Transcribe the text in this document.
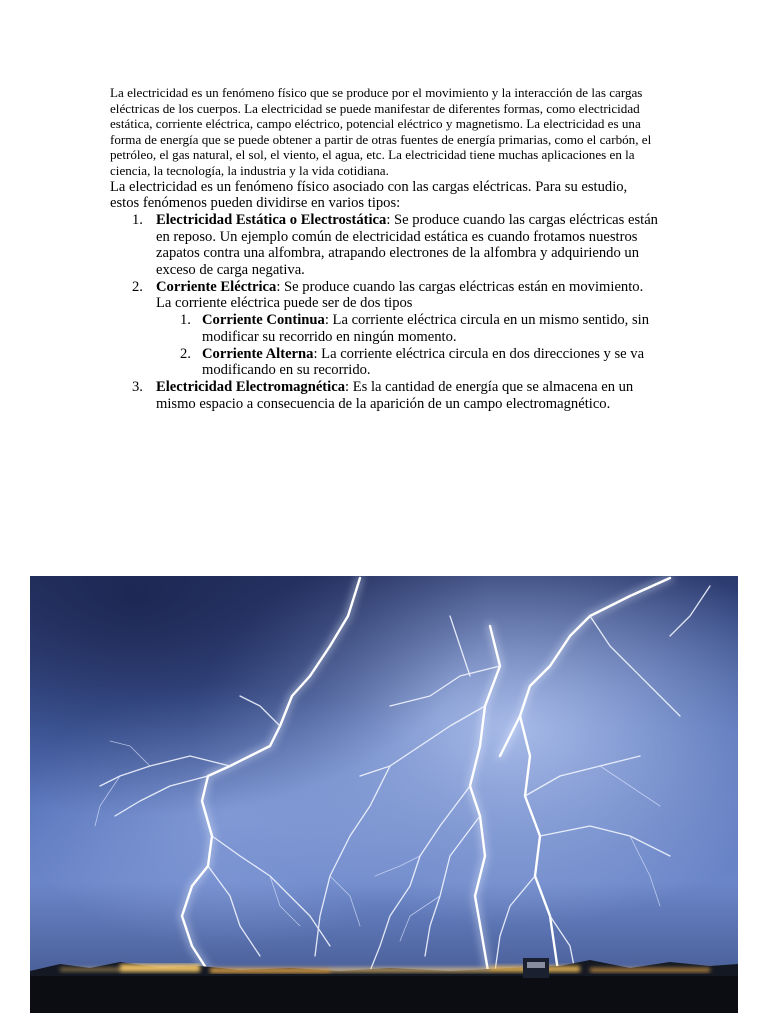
La electricidad es un fenómeno físico que se produce por el movimiento y la interacción de las cargas eléctricas de los cuerpos. La electricidad se puede manifestar de diferentes formas, como electricidad estática, corriente eléctrica, campo eléctrico, potencial eléctrico y magnetismo. La electricidad es una forma de energía que se puede obtener a partir de otras fuentes de energía primarias, como el carbón, el petróleo, el gas natural, el sol, el viento, el agua, etc. La electricidad tiene muchas aplicaciones en la ciencia, la tecnología, la industria y la vida cotidiana.

La electricidad es un fenómeno físico asociado con las cargas eléctricas. Para su estudio, estos fenómenos pueden dividirse en varios tipos:

1. Electricidad Estática o Electrostática: Se produce cuando las cargas eléctricas están en reposo. Un ejemplo común de electricidad estática es cuando frotamos nuestros zapatos contra una alfombra, atrapando electrones de la alfombra y adquiriendo un exceso de carga negativa.
2. Corriente Eléctrica: Se produce cuando las cargas eléctricas están en movimiento. La corriente eléctrica puede ser de dos tipos
1. Corriente Continua: La corriente eléctrica circula en un mismo sentido, sin modificar su recorrido en ningún momento.
2. Corriente Alterna: La corriente eléctrica circula en dos direcciones y se va modificando en su recorrido.
3. Electricidad Electromagnética: Es la cantidad de energía que se almacena en un mismo espacio a consecuencia de la aparición de un campo electromagnético.
